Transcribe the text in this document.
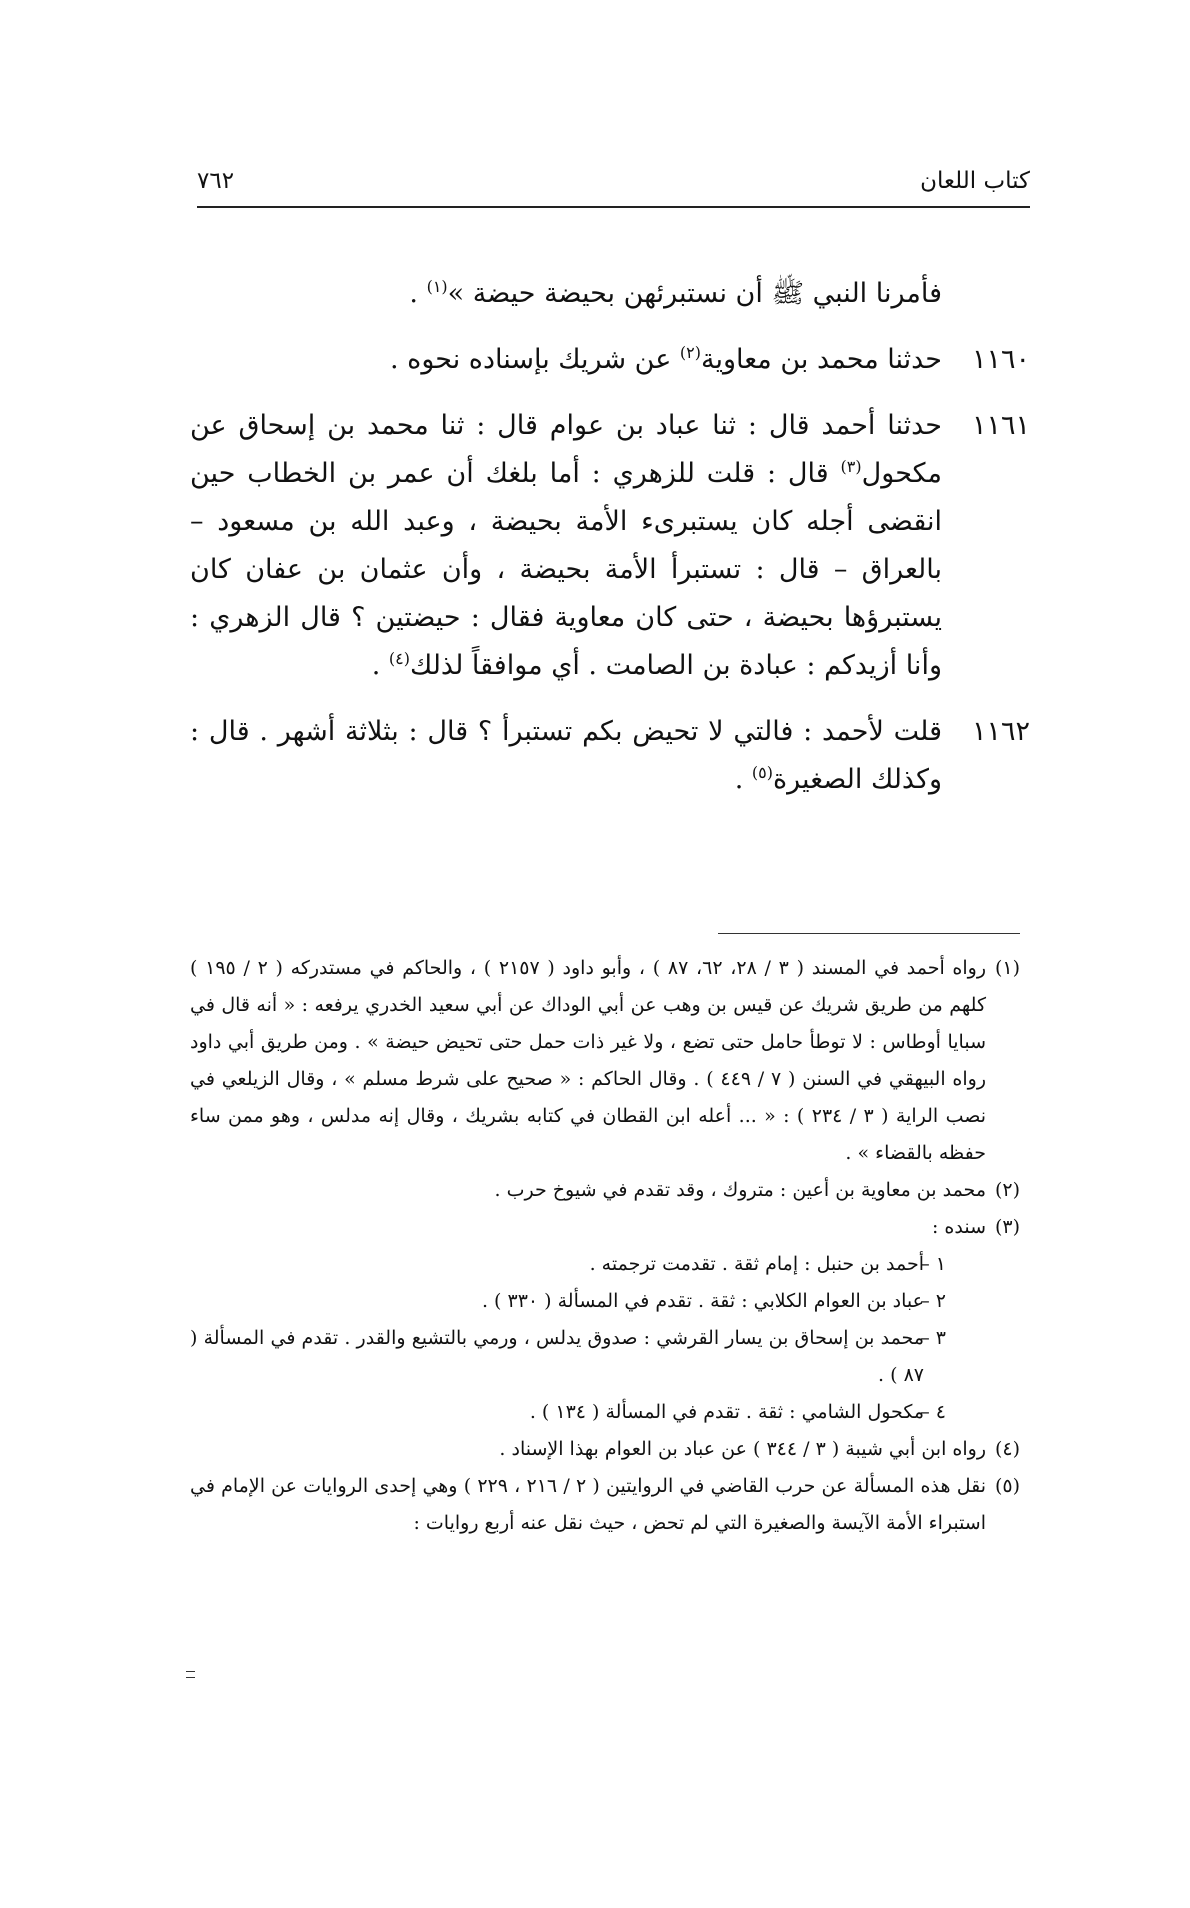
كتاب اللعان
٧٦٢

فأمرنا النبي ﷺ أن نستبرئهن بحيضة حيضة »$^{(١)}$ .

١١٦٠
حدثنا محمد بن معاوية$^{(٢)}$ عن شريك بإسناده نحوه .

١١٦١
حدثنا أحمد قال : ثنا عباد بن عوام قال : ثنا محمد بن إسحاق عن مكحول$^{(٣)}$ قال : قلت للزهري : أما بلغك أن عمر بن الخطاب حين انقضى أجله كان يستبرىء الأمة بحيضة ، وعبد الله بن مسعود – بالعراق – قال : تستبرأ الأمة بحيضة ، وأن عثمان بن عفان كان يستبرؤها بحيضة ، حتى كان معاوية فقال : حيضتين ؟ قال الزهري : وأنا أزيدكم : عبادة بن الصامت . أي موافقاً لذلك$^{(٤)}$ .

١١٦٢
قلت لأحمد : فالتي لا تحيض بكم تستبرأ ؟ قال : بثلاثة أشهر . قال : وكذلك الصغيرة$^{(٥)}$ .

(١)
رواه أحمد في المسند ( ٣ / ٢٨، ٦٢، ٨٧ ) ، وأبو داود ( ٢١٥٧ ) ، والحاكم في مستدركه ( ٢ / ١٩٥ ) كلهم من طريق شريك عن قيس بن وهب عن أبي الوداك عن أبي سعيد الخدري يرفعه : « أنه قال في سبايا أوطاس : لا توطأ حامل حتى تضع ، ولا غير ذات حمل حتى تحيض حيضة » . ومن طريق أبي داود رواه البيهقي في السنن ( ٧ / ٤٤٩ ) . وقال الحاكم : « صحيح على شرط مسلم » ، وقال الزيلعي في نصب الراية ( ٣ / ٢٣٤ ) : « ... أعله ابن القطان في كتابه بشريك ، وقال إنه مدلس ، وهو ممن ساء حفظه بالقضاء » .
(٢)
محمد بن معاوية بن أعين : متروك ، وقد تقدم في شيوخ حرب .
(٣)
سنده :
١ –
أحمد بن حنبل : إمام ثقة . تقدمت ترجمته .
٢ –
عباد بن العوام الكلابي : ثقة . تقدم في المسألة ( ٣٣٠ ) .
٣ –
محمد بن إسحاق بن يسار القرشي : صدوق يدلس ، ورمي بالتشيع والقدر . تقدم في المسألة ( ٨٧ ) .
٤ –
مكحول الشامي : ثقة . تقدم في المسألة ( ١٣٤ ) .
(٤)
رواه ابن أبي شيبة ( ٣ / ٣٤٤ ) عن عباد بن العوام بهذا الإسناد .
(٥)
نقل هذه المسألة عن حرب القاضي في الروايتين ( ٢ / ٢١٦ ، ٢٢٩ ) وهي إحدى الروايات عن الإمام في استبراء الأمة الآيسة والصغيرة التي لم تحض ، حيث نقل عنه أربع روايات :
